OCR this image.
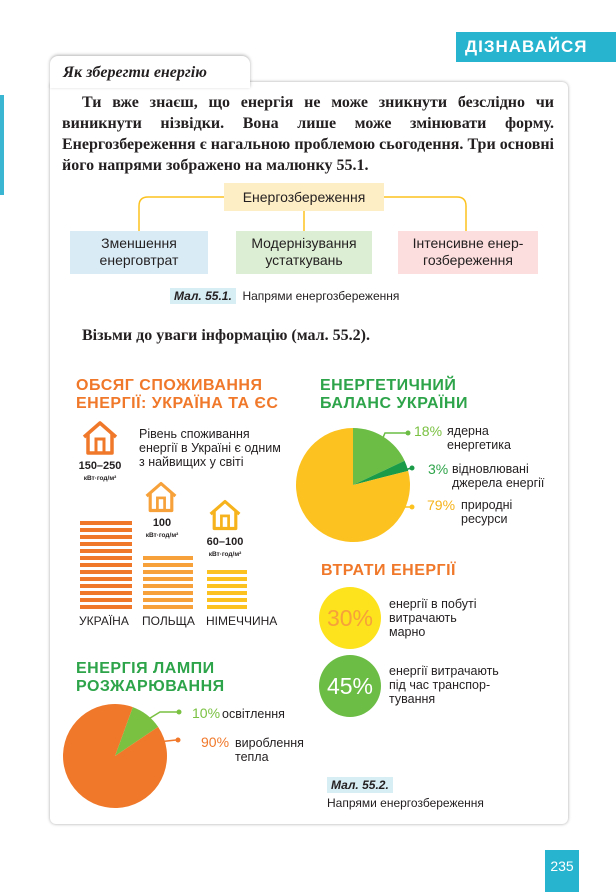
ДІЗНАВАЙСЯ
Як зберегти енергію

Ти вже знаєш, що енергія не може зникнути безслідно чи виникнути нізвідки. Вона лише може змінювати форму. Енергозбереження є нагальною проблемою сьогодення. Три основні його напрями зображено на малюнку 55.1.

Енергозбереження
Зменшення
енерговтрат
Модернізування
устаткувань
Інтенсивне енер-
гозбереження
Мал. 55.1. Напрями енергозбереження
Візьми до уваги інформацію (мал. 55.2).
ОБСЯГ СПОЖИВАННЯ
ЕНЕРГІЇ: УКРАЇНА ТА ЄС
Рівень споживання
енергії в Україні є одним
з найвищих у світі
150–250
кВт·год/м²
100
кВт·год/м²
60–100
кВт·год/м²
УКРАЇНА ПОЛЬЩА НІМЕЧЧИНА
ЕНЕРГЕТИЧНИЙ
БАЛАНС УКРАЇНИ
18% ядерна
енергетика
3% відновлювані
джерела енергії
79% природні
ресурси
ВТРАТИ ЕНЕРГІЇ
30%
енергії в побуті
витрачають
марно
45%
енергії витрачають
під час транспор-
тування
ЕНЕРГІЯ ЛАМПИ
РОЗЖАРЮВАННЯ
10% освітлення
90% вироблення
тепла
Мал. 55.2.
Напрями енергозбереження
235
